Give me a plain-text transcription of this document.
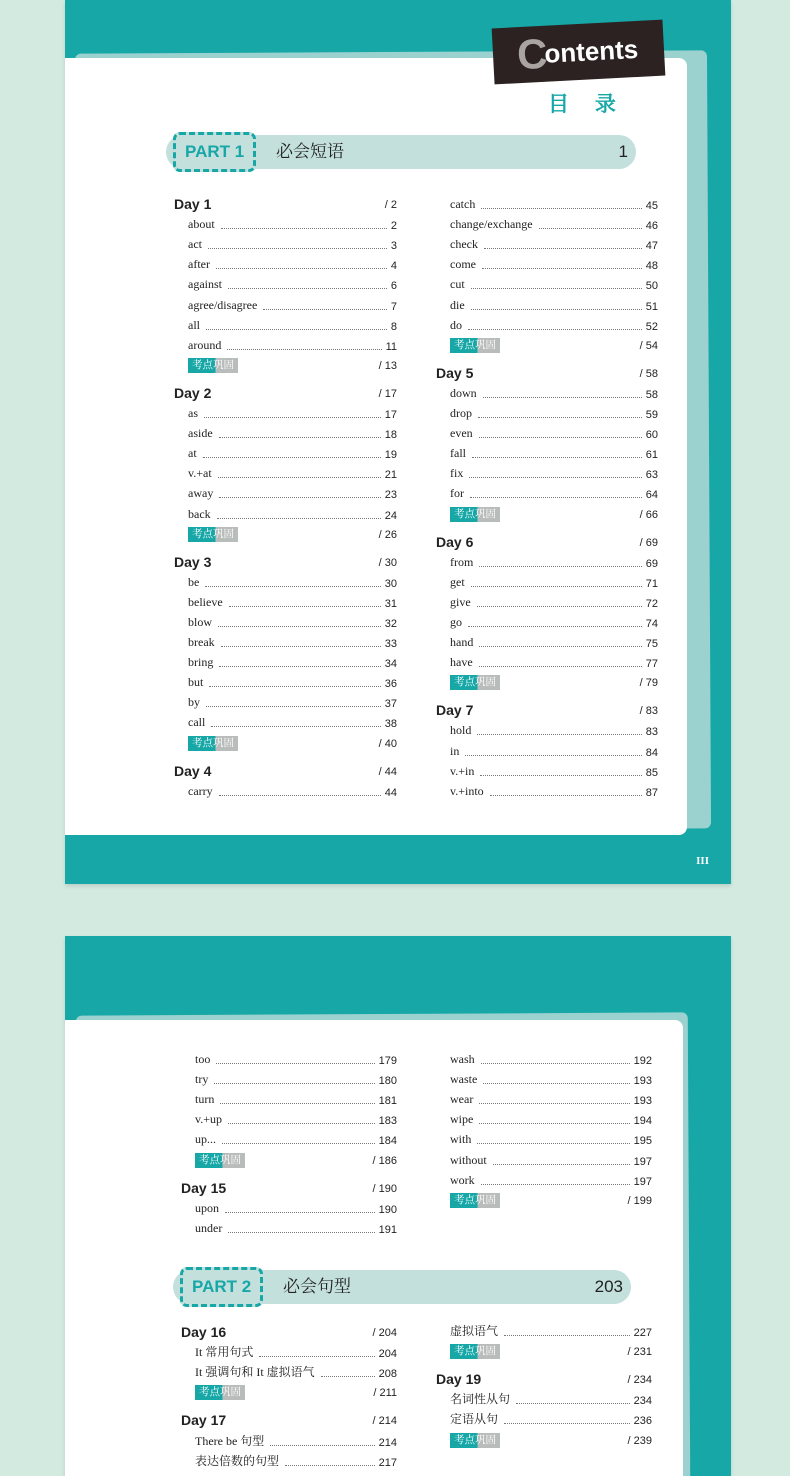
III
C
ontents
目 录
PART 1	必会短语	1
Day 1	/ 2
about	2
act	3
after	4
against	6
agree/disagree	7
all	8
around	11
考点巩固	/ 13
Day 2	/ 17
as	17
aside	18
at	19
v.+at	21
away	23
back	24
考点巩固	/ 26
Day 3	/ 30
be	30
believe	31
blow	32
break	33
bring	34
but	36
by	37
call	38
考点巩固	/ 40
Day 4	/ 44
carry	44
catch	45
change/exchange	46
check	47
come	48
cut	50
die	51
do	52
考点巩固	/ 54
Day 5	/ 58
down	58
drop	59
even	60
fall	61
fix	63
for	64
考点巩固	/ 66
Day 6	/ 69
from	69
get	71
give	72
go	74
hand	75
have	77
考点巩固	/ 79
Day 7	/ 83
hold	83
in	84
v.+in	85
v.+into	87
too	179
try	180
turn	181
v.+up	183
up...	184
考点巩固	/ 186
Day 15	/ 190
upon	190
under	191
wash	192
waste	193
wear	193
wipe	194
with	195
without	197
work	197
考点巩固	/ 199
PART 2	必会句型	203
Day 16	/ 204
It 常用句式	204
It 强调句和 It 虚拟语气	208
考点巩固	/ 211
Day 17	/ 214
There be 句型	214
表达倍数的句型	217
虚拟语气	227
考点巩固	/ 231
Day 19	/ 234
名词性从句	234
定语从句	236
考点巩固	/ 239
